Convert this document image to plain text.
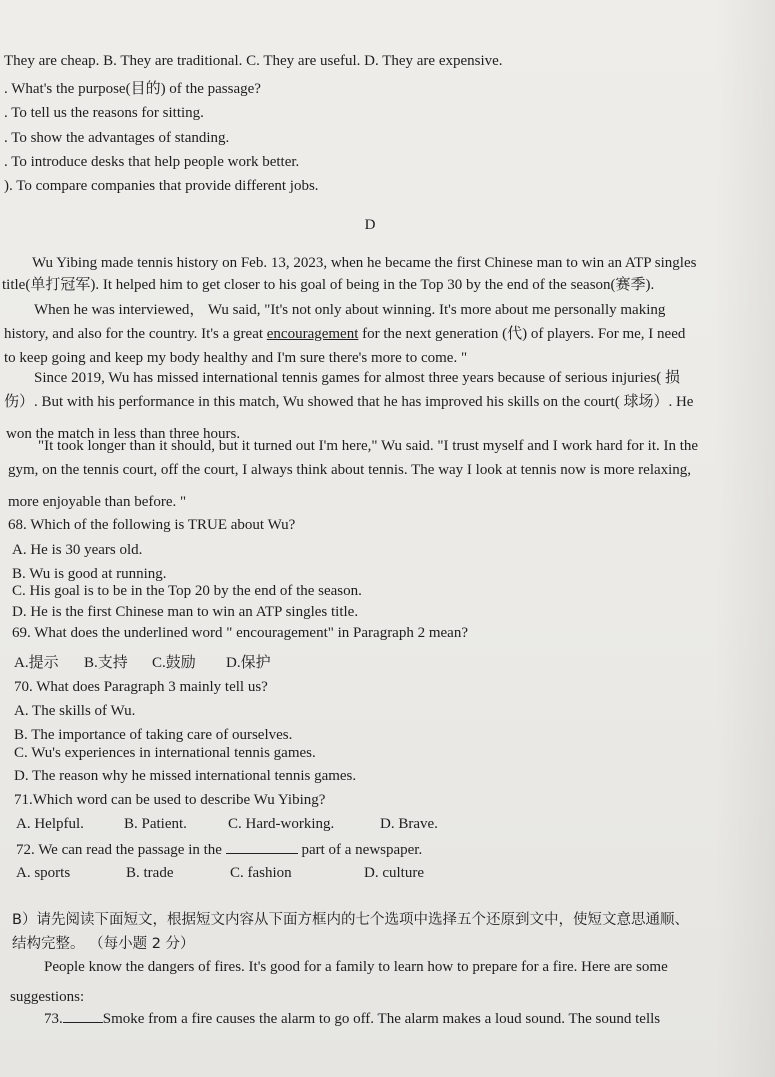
They are cheap. B. They are traditional. C. They are useful. D. They are expensive.
. What's the purpose(目的) of the passage?
. To tell us the reasons for sitting.
. To show the advantages of standing.
. To introduce desks that help people work better.
). To compare companies that provide different jobs.
D
Wu Yibing made tennis history on Feb. 13, 2023, when he became the first Chinese man to win an ATP singles
title(单打冠军). It helped him to get closer to his goal of being in the Top 30 by the end of the season(赛季).
When he was interviewed， Wu said, "It's not only about winning. It's more about me personally making
history, and also for the country. It's a great encouragement for the next generation (代) of players. For me, I need
to keep going and keep my body healthy and I'm sure there's more to come. "
Since 2019, Wu has missed international tennis games for almost three years because of serious injuries( 损
伤）. But with his performance in this match, Wu showed that he has improved his skills on the court( 球场）. He
won the match in less than three hours.
"It took longer than it should, but it turned out I'm here," Wu said. "I trust myself and I work hard for it. In the
gym, on the tennis court, off the court, I always think about tennis. The way I look at tennis now is more relaxing,
more enjoyable than before. "
68. Which of the following is TRUE about Wu?
A. He is 30 years old.
B. Wu is good at running.
C. His goal is to be in the Top 20 by the end of the season.
D. He is the first Chinese man to win an ATP singles title.
69. What does the underlined word " encouragement" in Paragraph 2 mean?
A.提示 B.支持 C.鼓励 D.保护
70. What does Paragraph 3 mainly tell us?
A. The skills of Wu.
B. The importance of taking care of ourselves.
C. Wu's experiences in international tennis games.
D. The reason why he missed international tennis games.
71.Which word can be used to describe Wu Yibing?
A. Helpful.	B. Patient.	C. Hard-working.	D. Brave.
72. We can read the passage in the	part of a newspaper.
A. sports	B. trade	C. fashion	D. culture
B）请先阅读下面短文，根据短文内容从下面方框内的七个选项中选择五个还原到文中，使短文意思通顺、
结构完整。 （每小题 2 分）
People know the dangers of fires. It's good for a family to learn how to prepare for a fire. Here are some
suggestions:
73.	Smoke from a fire causes the alarm to go off. The alarm makes a loud sound. The sound tells
